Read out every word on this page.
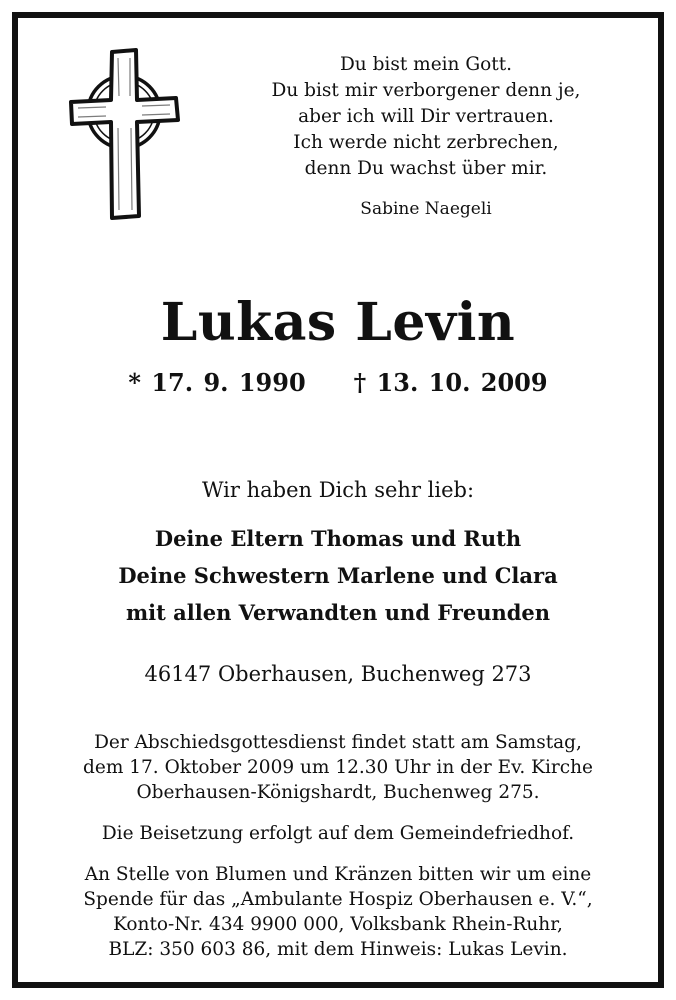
Du bist mein Gott.
Du bist mir verborgener denn je,
aber ich will Dir vertrauen.
Ich werde nicht zerbrechen,
denn Du wachst über mir.
Sabine Naegeli
Lukas Levin
* 17. 9. 1990 † 13. 10. 2009
Wir haben Dich sehr lieb:
Deine Eltern Thomas und Ruth
Deine Schwestern Marlene und Clara
mit allen Verwandten und Freunden
46147 Oberhausen, Buchenweg 273

Der Abschiedsgottesdienst findet statt am Samstag,
dem 17. Oktober 2009 um 12.30 Uhr in der Ev. Kirche
Oberhausen-Königshardt, Buchenweg 275.

Die Beisetzung erfolgt auf dem Gemeindefriedhof.

An Stelle von Blumen und Kränzen bitten wir um eine
Spende für das „Ambulante Hospiz Oberhausen e. V.“,
Konto-Nr. 434 9900 000, Volksbank Rhein-Ruhr,
BLZ: 350 603 86, mit dem Hinweis: Lukas Levin.
